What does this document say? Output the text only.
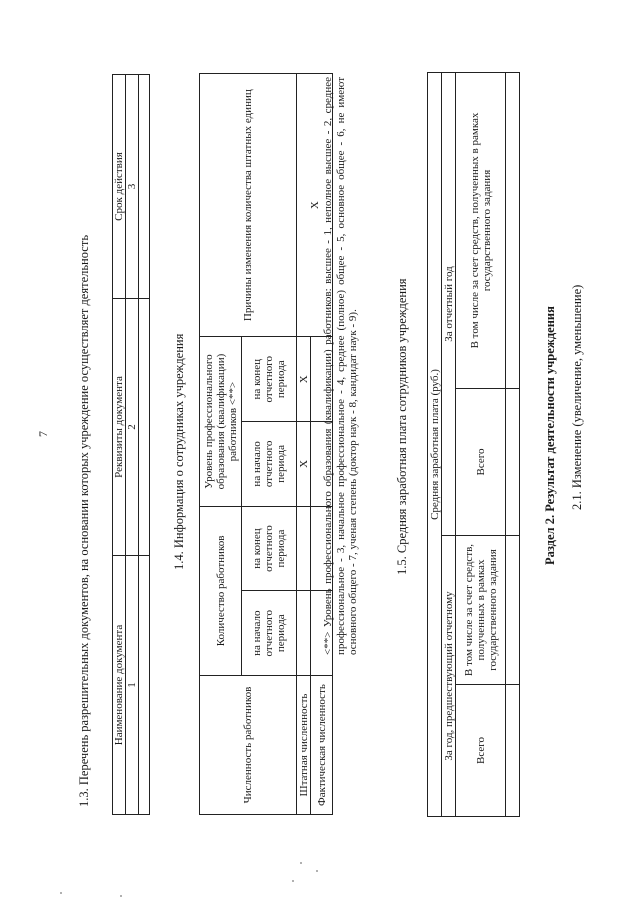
7 1.3. Перечень разрешительных документов, на основании которых учреждение осуществляет деятельность Наименование документа	Реквизиты документа	Срок действия
1	2	3

1.4. Информация о сотрудниках учреждения
Численность работников	Количество работников		Уровень профессионального образования (квалификации) работников <**>		Причины изменения количества штатных единиц
	на начало отчетного периода	на конец отчетного периода	на начало отчетного периода	на конец отчетного периода	
Штатная численность			X	X	X
Фактическая численность					
<**> Уровень профессионального образования (квалификации) работников: высшее - 1, неполное высшее - 2, среднее профессиональное - 3, начальное профессиональное - 4, среднее (полное) общее - 5, основное общее - 6, не имеют основного общего - 7, ученая степень (доктор наук - 8, кандидат наук - 9).	1.5. Средняя заработная плата сотрудников учреждения Средняя заработная плата (руб.)			
За год, предшествующий отчетному		За отчетный год	
Всего	В том числе за счет средств, полученных в рамках государственного задания	Всего	В том числе за счет средств, полученных в рамках государственного задания

Раздел 2. Результат деятельности учреждения 2.1. Изменение (увеличение, уменьшение)
